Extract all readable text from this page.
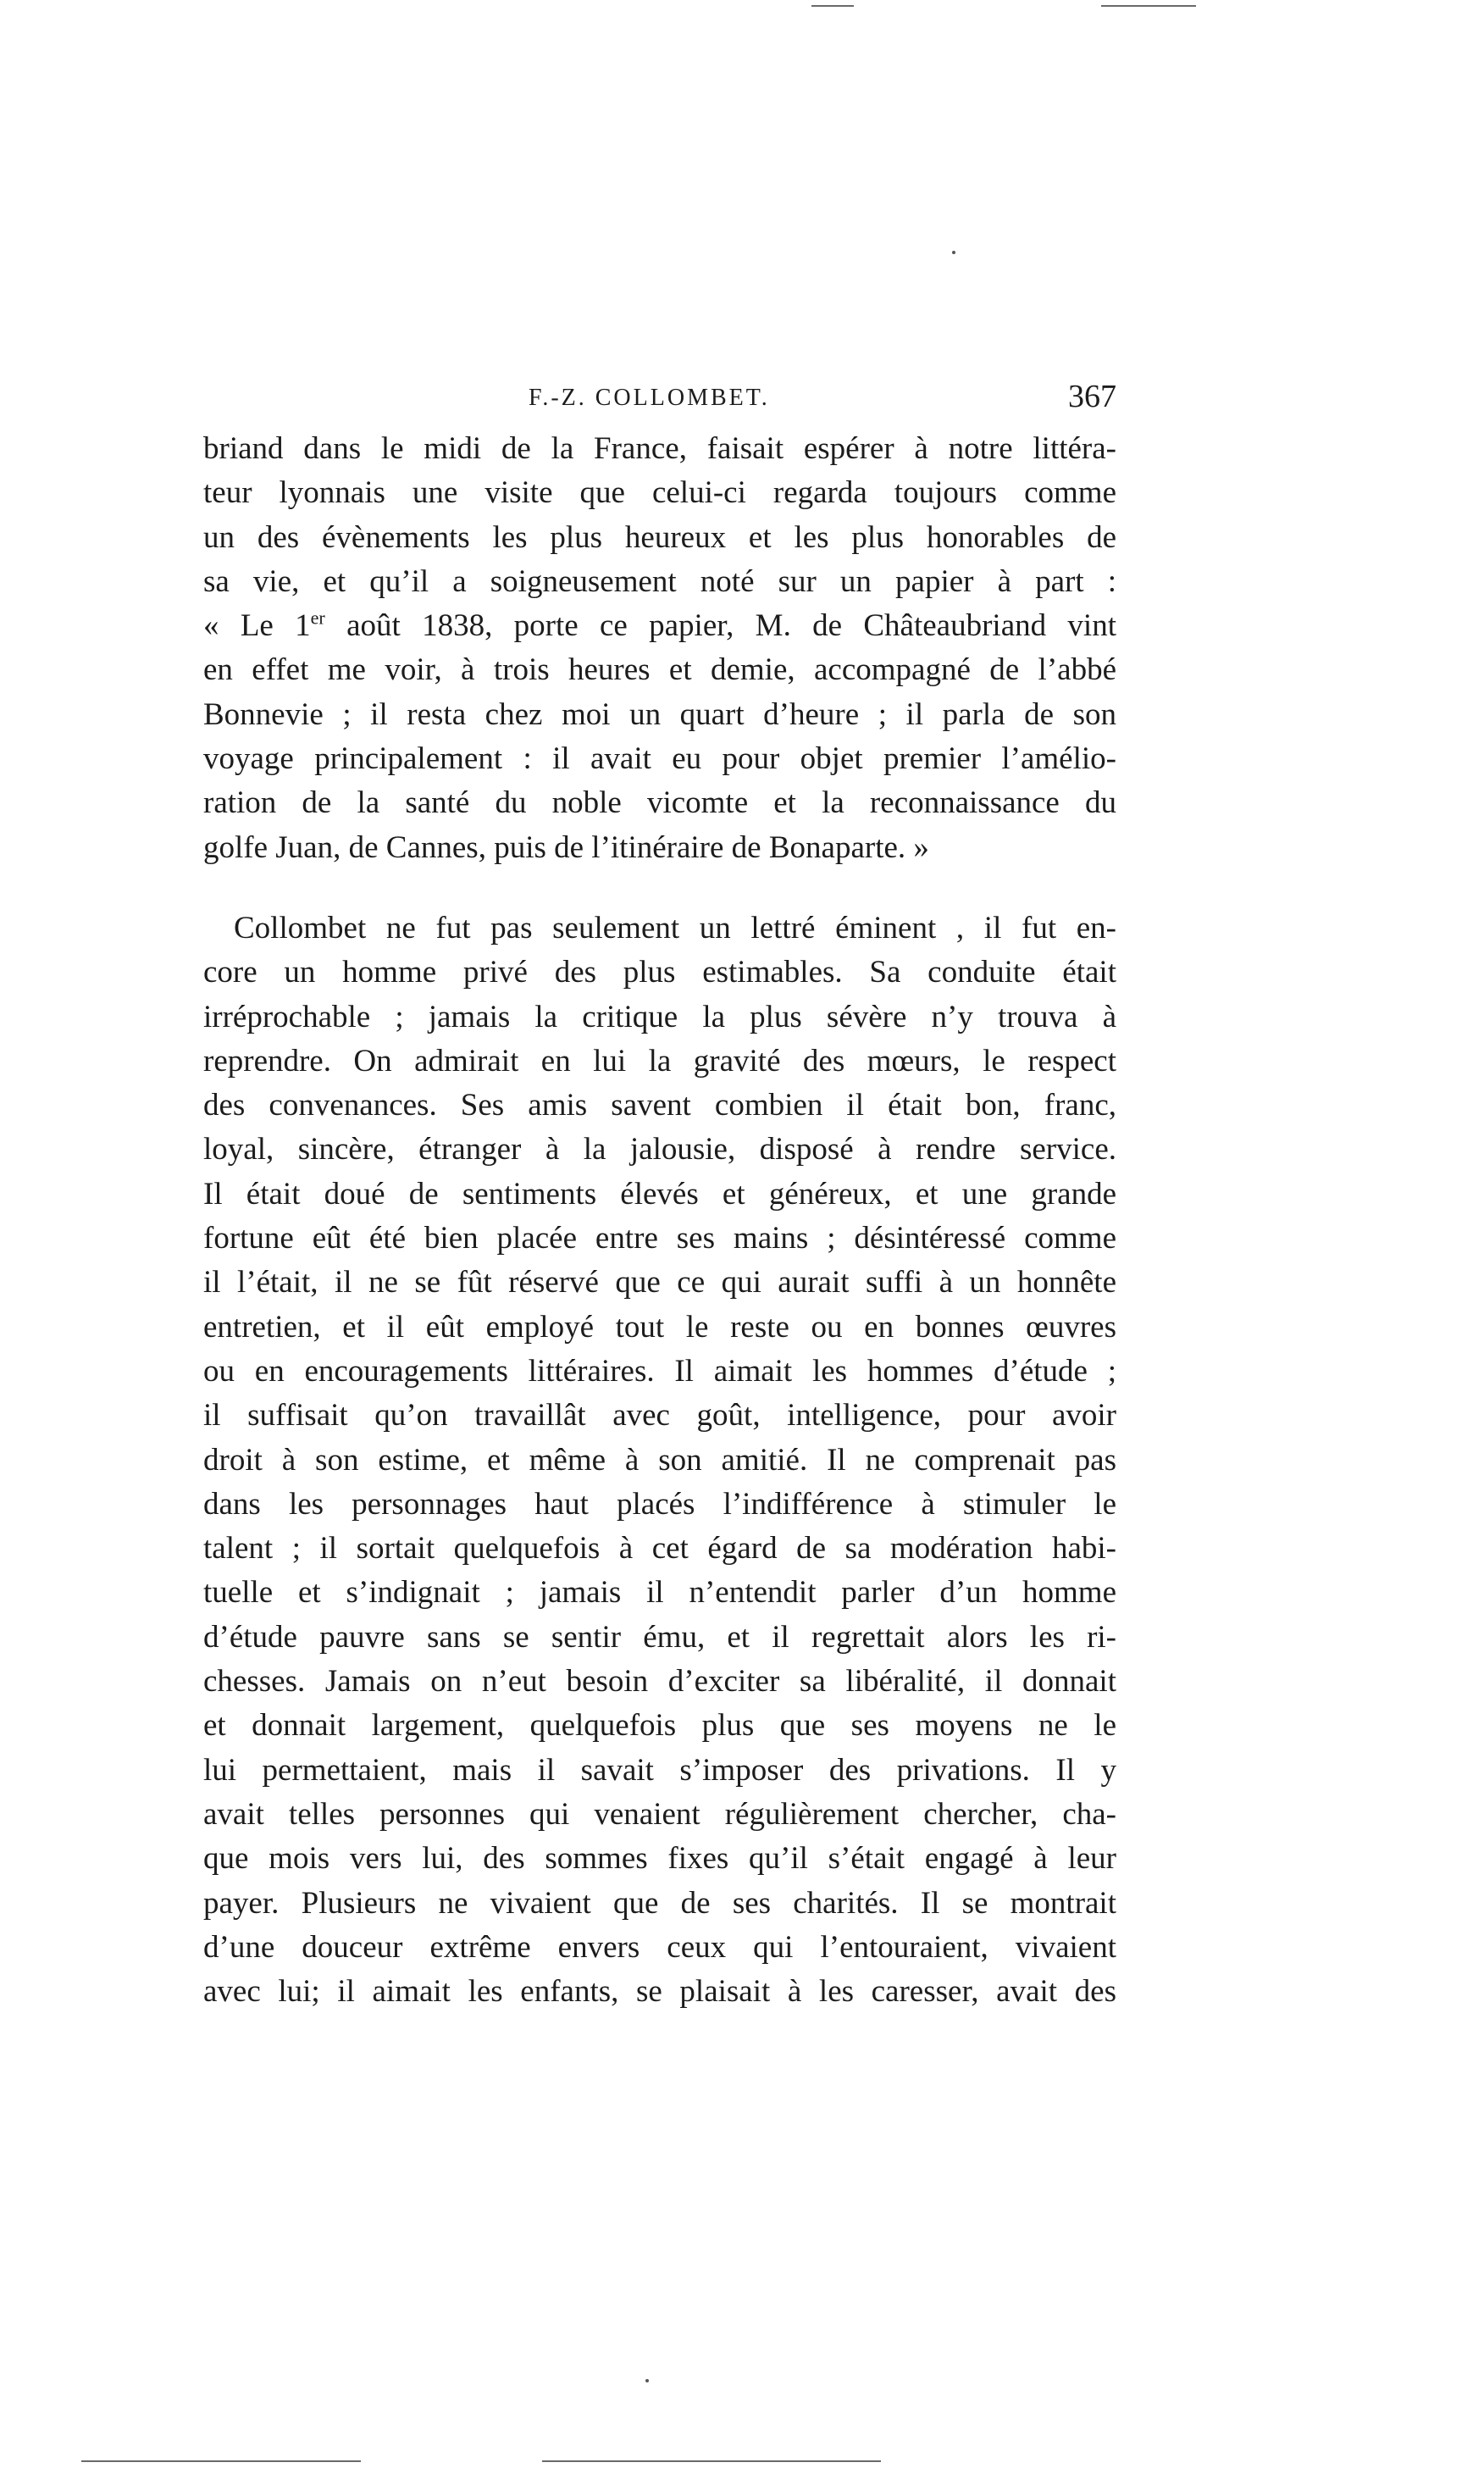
F.-Z. COLLOMBET.	367
briand dans le midi de la France, faisait espérer à notre littéra-
teur lyonnais une visite que celui-ci regarda toujours comme
un des évènements les plus heureux et les plus honorables de
sa vie, et qu’il a soigneusement noté sur un papier à part :
« Le 1er août 1838, porte ce papier, M. de Châteaubriand vint
en effet me voir, à trois heures et demie, accompagné de l’abbé
Bonnevie ; il resta chez moi un quart d’heure ; il parla de son
voyage principalement : il avait eu pour objet premier l’amélio-
ration de la santé du noble vicomte et la reconnaissance du
golfe Juan, de Cannes, puis de l’itinéraire de Bonaparte. »
Collombet ne fut pas seulement un lettré éminent , il fut en-
core un homme privé des plus estimables. Sa conduite était
irréprochable ; jamais la critique la plus sévère n’y trouva à
reprendre. On admirait en lui la gravité des mœurs, le respect
des convenances. Ses amis savent combien il était bon, franc,
loyal, sincère, étranger à la jalousie, disposé à rendre service.
Il était doué de sentiments élevés et généreux, et une grande
fortune eût été bien placée entre ses mains ; désintéressé comme
il l’était, il ne se fût réservé que ce qui aurait suffi à un honnête
entretien, et il eût employé tout le reste ou en bonnes œuvres
ou en encouragements littéraires. Il aimait les hommes d’étude ;
il suffisait qu’on travaillât avec goût, intelligence, pour avoir
droit à son estime, et même à son amitié. Il ne comprenait pas
dans les personnages haut placés l’indifférence à stimuler le
talent ; il sortait quelquefois à cet égard de sa modération habi-
tuelle et s’indignait ; jamais il n’entendit parler d’un homme
d’étude pauvre sans se sentir ému, et il regrettait alors les ri-
chesses. Jamais on n’eut besoin d’exciter sa libéralité, il donnait
et donnait largement, quelquefois plus que ses moyens ne le
lui permettaient, mais il savait s’imposer des privations. Il y
avait telles personnes qui venaient régulièrement chercher, cha-
que mois vers lui, des sommes fixes qu’il s’était engagé à leur
payer. Plusieurs ne vivaient que de ses charités. Il se montrait
d’une douceur extrême envers ceux qui l’entouraient, vivaient
avec lui; il aimait les enfants, se plaisait à les caresser, avait des
